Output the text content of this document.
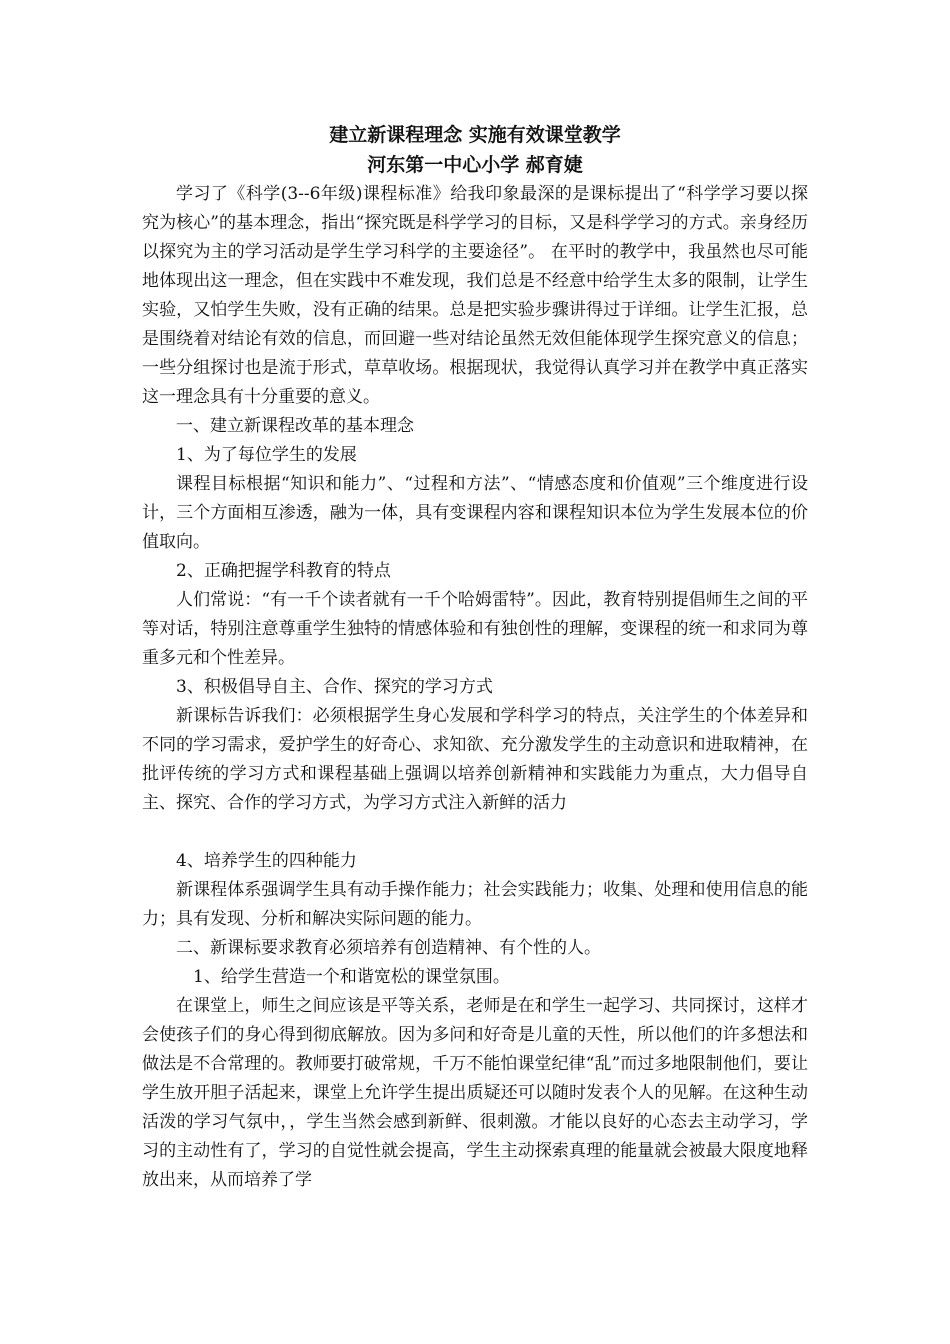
建立新课程理念 实施有效课堂教学
河东第一中心小学 郝育婕

学习了《科学(3--6年级)课程标准》给我印象最深的是课标提出了“科学学习要以探究为核心”的基本理念，指出“探究既是科学学习的目标，又是科学学习的方式。亲身经历以探究为主的学习活动是学生学习科学的主要途径”。 在平时的教学中，我虽然也尽可能地体现出这一理念，但在实践中不难发现，我们总是不经意中给学生太多的限制，让学生实验，又怕学生失败，没有正确的结果。总是把实验步骤讲得过于详细。让学生汇报，总是围绕着对结论有效的信息，而回避一些对结论虽然无效但能体现学生探究意义的信息；一些分组探讨也是流于形式，草草收场。根据现状，我觉得认真学习并在教学中真正落实这一理念具有十分重要的意义。

一、建立新课程改革的基本理念

1、为了每位学生的发展

课程目标根据“知识和能力”、“过程和方法”、“情感态度和价值观”三个维度进行设计，三个方面相互渗透，融为一体，具有变课程内容和课程知识本位为学生发展本位的价值取向。

2、正确把握学科教育的特点

人们常说：“有一千个读者就有一千个哈姆雷特”。因此，教育特别提倡师生之间的平等对话，特别注意尊重学生独特的情感体验和有独创性的理解，变课程的统一和求同为尊重多元和个性差异。

3、积极倡导自主、合作、探究的学习方式

新课标告诉我们：必须根据学生身心发展和学科学习的特点，关注学生的个体差异和不同的学习需求，爱护学生的好奇心、求知欲、充分激发学生的主动意识和进取精神，在批评传统的学习方式和课程基础上强调以培养创新精神和实践能力为重点，大力倡导自主、探究、合作的学习方式，为学习方式注入新鲜的活力

4、培养学生的四种能力

新课程体系强调学生具有动手操作能力；社会实践能力；收集、处理和使用信息的能力；具有发现、分析和解决实际问题的能力。

二、新课标要求教育必须培养有创造精神、有个性的人。

1、给学生营造一个和谐宽松的课堂氛围。

在课堂上，师生之间应该是平等关系，老师是在和学生一起学习、共同探讨，这样才会使孩子们的身心得到彻底解放。因为多问和好奇是儿童的天性，所以他们的许多想法和做法是不合常理的。教师要打破常规，千万不能怕课堂纪律“乱”而过多地限制他们，要让学生放开胆子活起来，课堂上允许学生提出质疑还可以随时发表个人的见解。在这种生动活泼的学习气氛中，，学生当然会感到新鲜、很刺激。才能以良好的心态去主动学习，学习的主动性有了，学习的自觉性就会提高，学生主动探索真理的能量就会被最大限度地释放出来，从而培养了学
